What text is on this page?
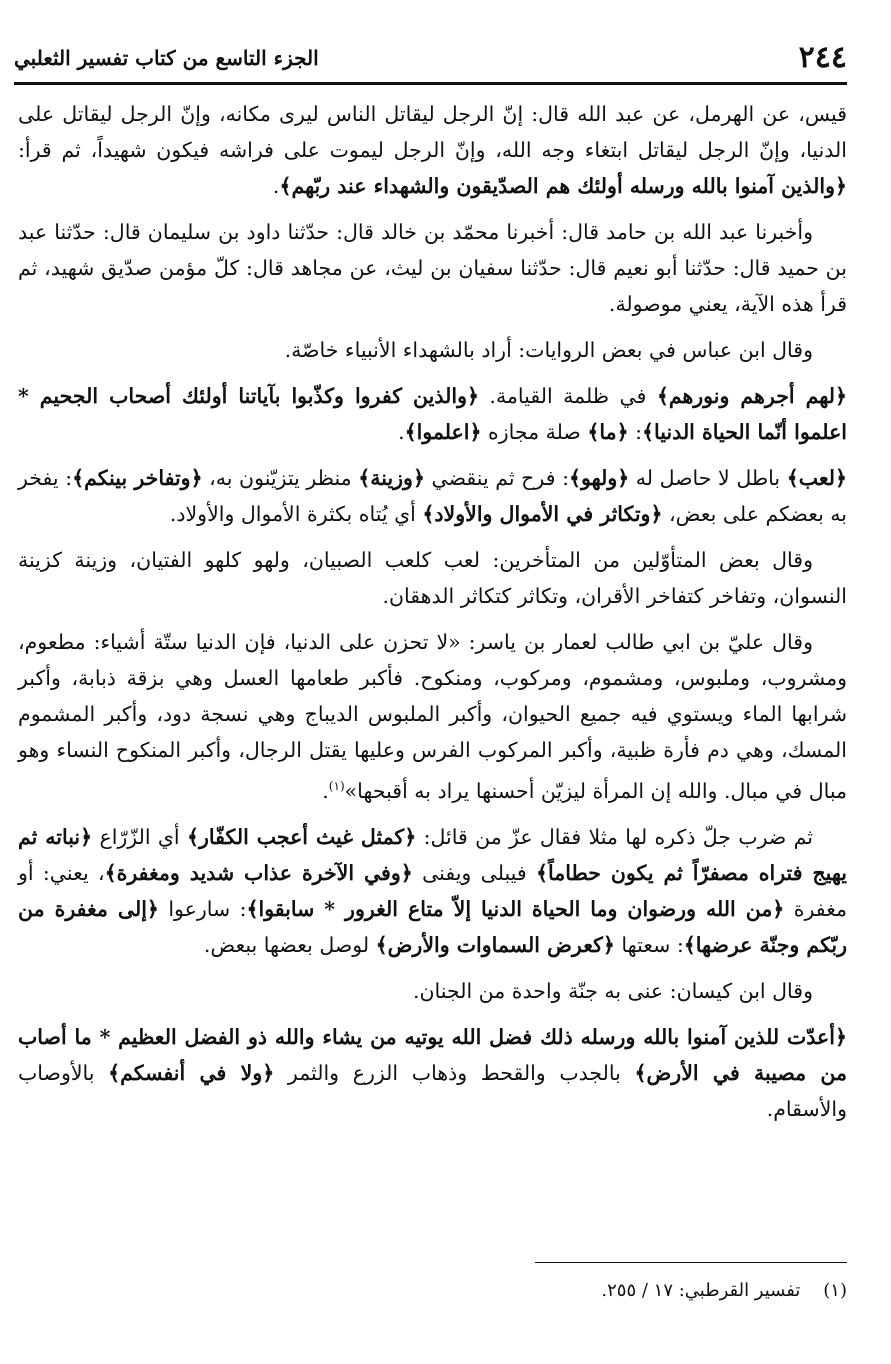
٢٤٤
الجزء التاسع من كتاب تفسير الثعلبي

قيس، عن الهرمل، عن عبد الله قال: إنّ الرجل ليقاتل الناس ليرى مكانه، وإنّ الرجل ليقاتل على الدنيا، وإنّ الرجل ليقاتل ابتغاء وجه الله، وإنّ الرجل ليموت على فراشه فيكون شهيداً، ثم قرأ: ﴿والذين آمنوا بالله ورسله أولئك هم الصدّيقون والشهداء عند ربّهم﴾.

وأخبرنا عبد الله بن حامد قال: أخبرنا محمّد بن خالد قال: حدّثنا داود بن سليمان قال: حدّثنا عبد بن حميد قال: حدّثنا أبو نعيم قال: حدّثنا سفيان بن ليث، عن مجاهد قال: كلّ مؤمن صدّيق شهيد، ثم قرأ هذه الآية، يعني موصولة.

وقال ابن عباس في بعض الروايات: أراد بالشهداء الأنبياء خاصّة.

﴿لهم أجرهم ونورهم﴾ في ظلمة القيامة. ﴿والذين كفروا وكذّبوا بآياتنا أولئك أصحاب الجحيم * اعلموا أنّما الحياة الدنيا﴾: ﴿ما﴾ صلة مجازه ﴿اعلموا﴾.

﴿لعب﴾ باطل لا حاصل له ﴿ولهو﴾: فرح ثم ينقضي ﴿وزينة﴾ منظر يتزيّنون به، ﴿وتفاخر بينكم﴾: يفخر به بعضكم على بعض، ﴿وتكاثر في الأموال والأولاد﴾ أي يُتاه بكثرة الأموال والأولاد.

وقال بعض المتأوّلين من المتأخرين: لعب كلعب الصبيان، ولهو كلهو الفتيان، وزينة كزينة النسوان، وتفاخر كتفاخر الأقران، وتكاثر كتكاثر الدهقان.

وقال عليّ بن ابي طالب لعمار بن ياسر: «لا تحزن على الدنيا، فإن الدنيا ستّة أشياء: مطعوم، ومشروب، وملبوس، ومشموم، ومركوب، ومنكوح. فأكبر طعامها العسل وهي بزقة ذبابة، وأكبر شرابها الماء ويستوي فيه جميع الحيوان، وأكبر الملبوس الديباج وهي نسجة دود، وأكبر المشموم المسك، وهي دم فأرة ظبية، وأكبر المركوب الفرس وعليها يقتل الرجال، وأكبر المنكوح النساء وهو مبال في مبال. والله إن المرأة ليزيّن أحسنها يراد به أقبحها»$^{(١)}$.

ثم ضرب جلّ ذكره لها مثلا فقال عزّ من قائل: ﴿كمثل غيث أعجب الكفّار﴾ أي الزّرّاع ﴿نباته ثم يهيج فتراه مصفرّاً ثم يكون حطاماً﴾ فيبلى ويفنى ﴿وفي الآخرة عذاب شديد ومغفرة﴾، يعني: أو مغفرة ﴿من الله ورضوان وما الحياة الدنيا إلاّ متاع الغرور * سابقوا﴾: سارعوا ﴿إلى مغفرة من ربّكم وجنّة عرضها﴾: سعتها ﴿كعرض السماوات والأرض﴾ لوصل بعضها ببعض.

وقال ابن كيسان: عنى به جنّة واحدة من الجنان.

﴿أعدّت للذين آمنوا بالله ورسله ذلك فضل الله يوتيه من يشاء والله ذو الفضل العظيم * ما أصاب من مصيبة في الأرض﴾ بالجدب والقحط وذهاب الزرع والثمر ﴿ولا في أنفسكم﴾ بالأوصاب والأسقام.

(١)    تفسير القرطبي: ١٧ / ٢٥٥.
